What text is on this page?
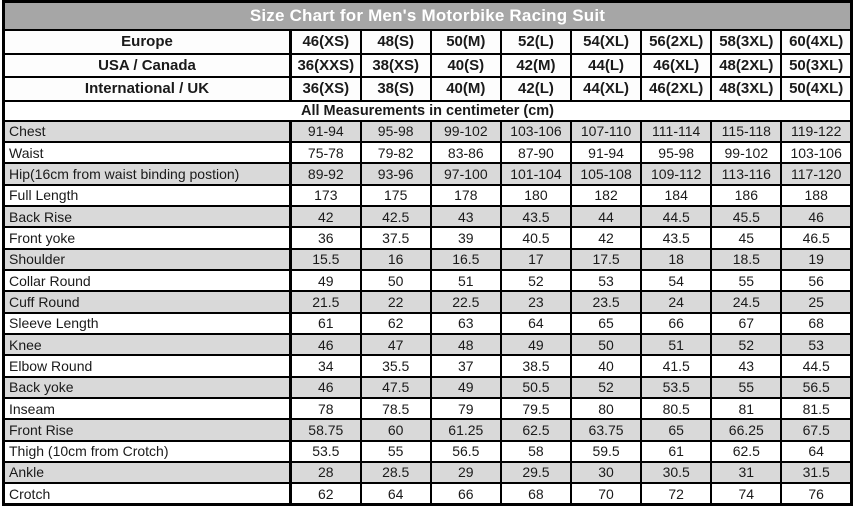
Size Chart for Men's Motorbike Racing Suit								
Europe	46(XS)	48(S)	50(M)	52(L)	54(XL)	56(2XL)	58(3XL)	60(4XL)
USA / Canada	36(XXS)	38(XS)	40(S)	42(M)	44(L)	46(XL)	48(2XL)	50(3XL)
International / UK	36(XS)	38(S)	40(M)	42(L)	44(XL)	46(2XL)	48(3XL)	50(4XL)
All Measurements in centimeter (cm)								
Chest	91-94	95-98	99-102	103-106	107-110	111-114	115-118	119-122
Waist	75-78	79-82	83-86	87-90	91-94	95-98	99-102	103-106
Hip(16cm from waist binding postion)	89-92	93-96	97-100	101-104	105-108	109-112	113-116	117-120
Full Length	173	175	178	180	182	184	186	188
Back Rise	42	42.5	43	43.5	44	44.5	45.5	46
Front yoke	36	37.5	39	40.5	42	43.5	45	46.5
Shoulder	15.5	16	16.5	17	17.5	18	18.5	19
Collar Round	49	50	51	52	53	54	55	56
Cuff Round	21.5	22	22.5	23	23.5	24	24.5	25
Sleeve Length	61	62	63	64	65	66	67	68
Knee	46	47	48	49	50	51	52	53
Elbow Round	34	35.5	37	38.5	40	41.5	43	44.5
Back yoke	46	47.5	49	50.5	52	53.5	55	56.5
Inseam	78	78.5	79	79.5	80	80.5	81	81.5
Front Rise	58.75	60	61.25	62.5	63.75	65	66.25	67.5
Thigh (10cm from Crotch)	53.5	55	56.5	58	59.5	61	62.5	64
Ankle	28	28.5	29	29.5	30	30.5	31	31.5
Crotch	62	64	66	68	70	72	74	76
